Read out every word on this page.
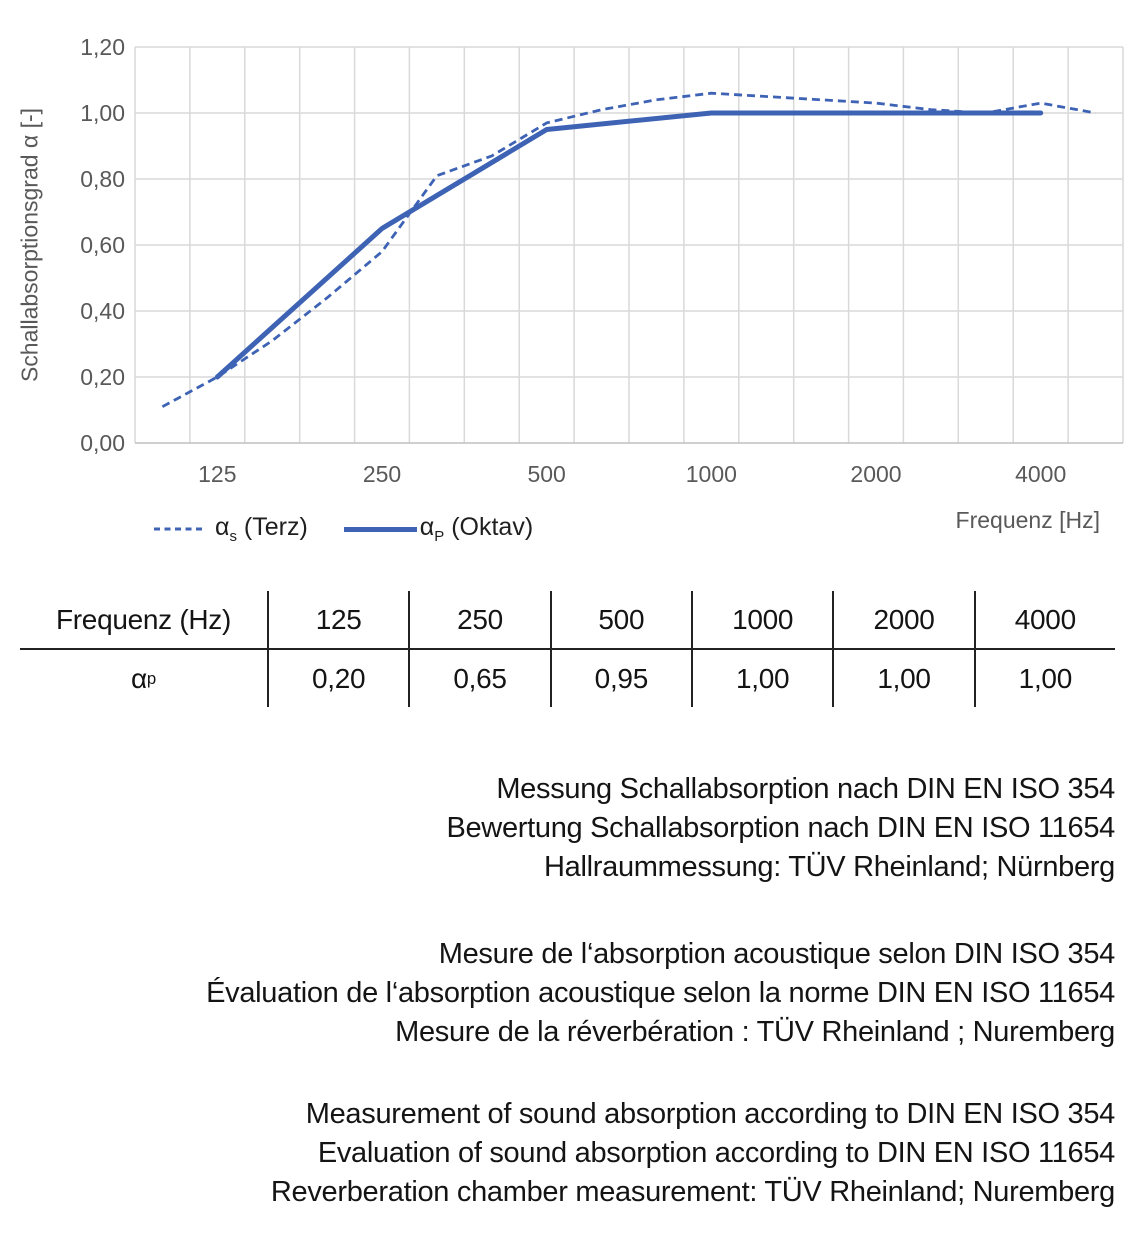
Schallabsorptionsgrad α [-]
1,20
1,00
0,80
0,60
0,40
0,20
0,00
125	250	500	1000	2000	4000
Frequenz [Hz]
$\alpha_s$ (Terz)	$\alpha_P$ (Oktav)
Frequenz (Hz)	125	250	500	1000	2000	4000
α p	0,20	0,65	0,95	1,00	1,00	1,00

Messung Schallabsorption nach DIN EN ISO 354

Bewertung Schallabsorption nach DIN EN ISO 11654

Hallraummessung: TÜV Rheinland; Nürnberg

Mesure de l‘absorption acoustique selon DIN ISO 354

Évaluation de l‘absorption acoustique selon la norme DIN EN ISO 11654

Mesure de la réverbération : TÜV Rheinland ; Nuremberg

Measurement of sound absorption according to DIN EN ISO 354

Evaluation of sound absorption according to DIN EN ISO 11654

Reverberation chamber measurement: TÜV Rheinland; Nuremberg
